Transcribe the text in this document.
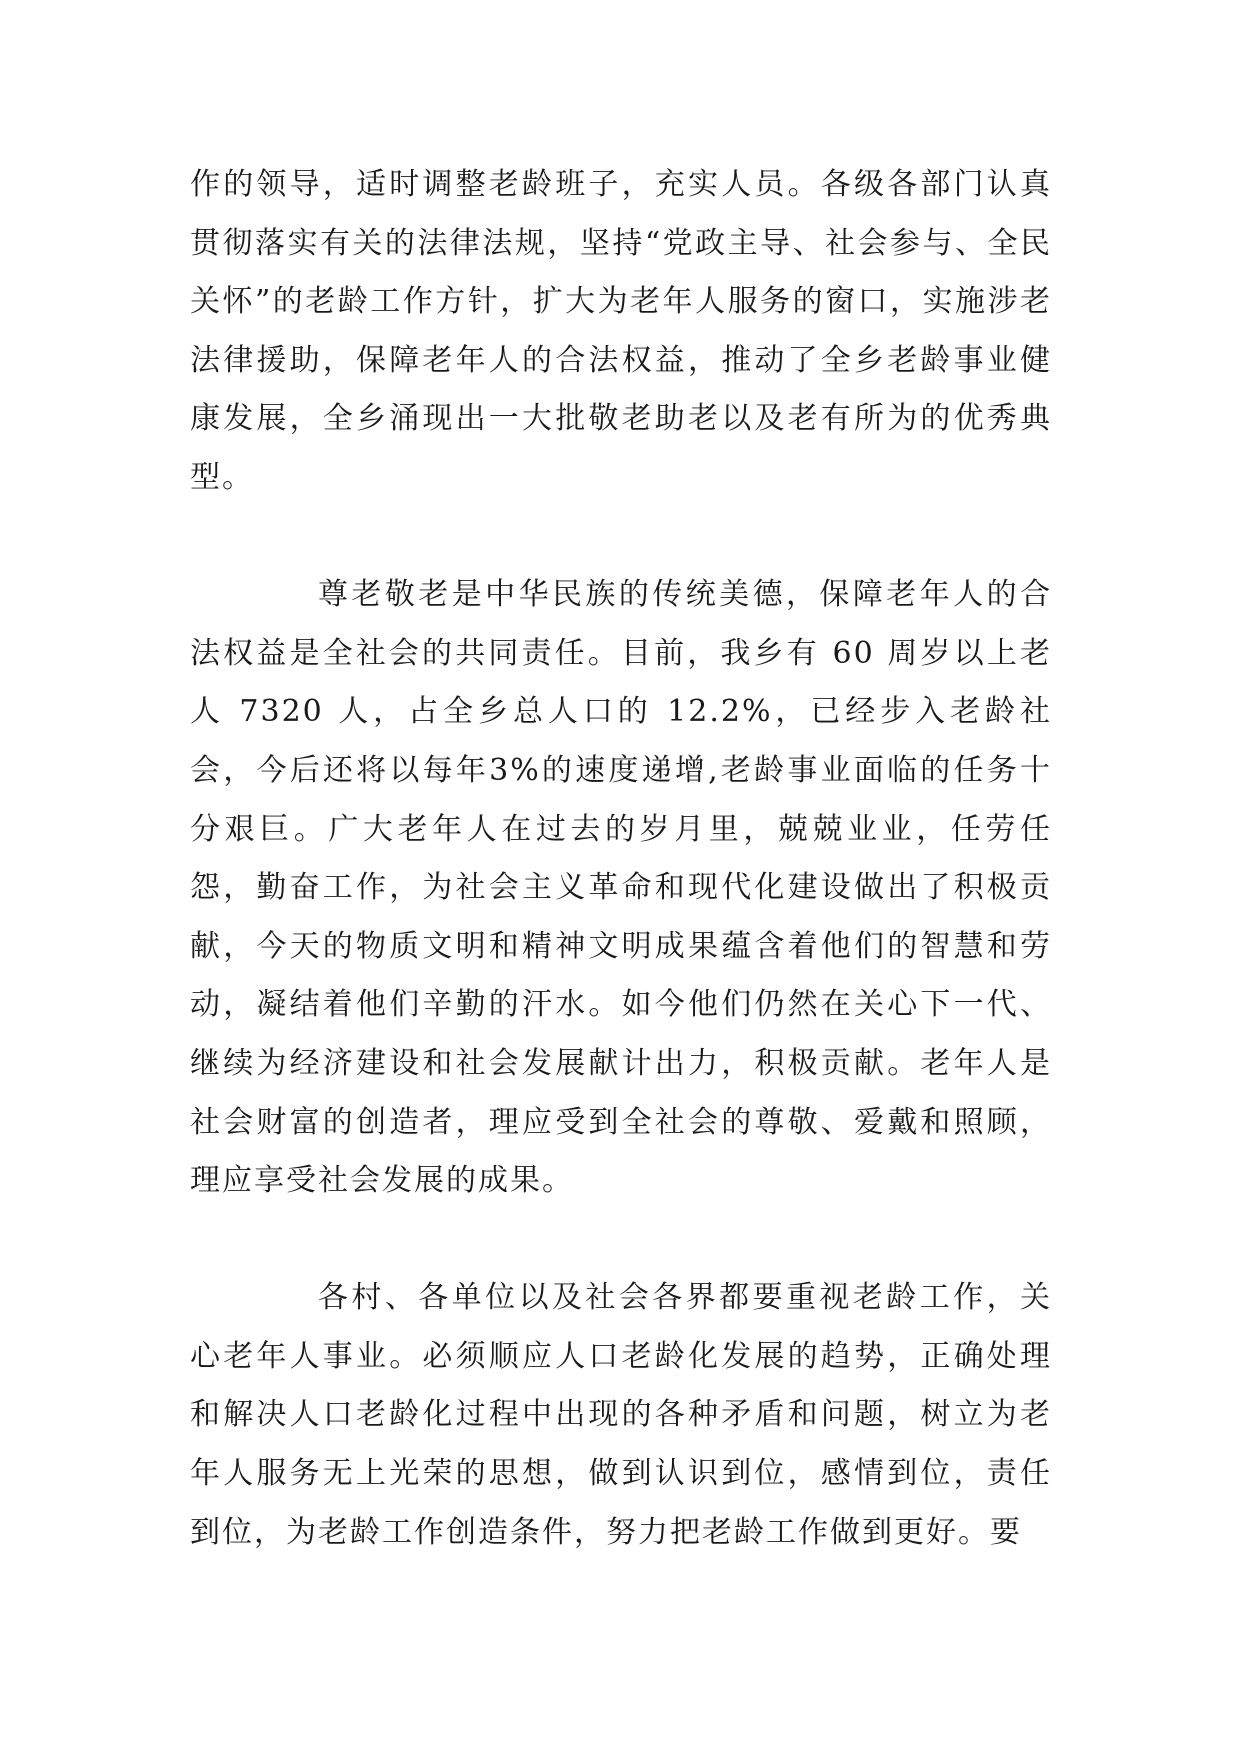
作的领导，适时调整老龄班子，充实人员。各级各部门认真贯彻落实有关的法律法规，坚持“党政主导、社会参与、全民关怀”的老龄工作方针，扩大为老年人服务的窗口，实施涉老法律援助，保障老年人的合法权益，推动了全乡老龄事业健康发展，全乡涌现出一大批敬老助老以及老有所为的优秀典型。

尊老敬老是中华民族的传统美德，保障老年人的合法权益是全社会的共同责任。目前，我乡有 60 周岁以上老人 7320 人，占全乡总人口的 12.2%，已经步入老龄社会，今后还将以每年3%的速度递增,老龄事业面临的任务十分艰巨。广大老年人在过去的岁月里，兢兢业业，任劳任怨，勤奋工作，为社会主义革命和现代化建设做出了积极贡献，今天的物质文明和精神文明成果蕴含着他们的智慧和劳动，凝结着他们辛勤的汗水。如今他们仍然在关心下一代、继续为经济建设和社会发展献计出力，积极贡献。老年人是社会财富的创造者，理应受到全社会的尊敬、爱戴和照顾，理应享受社会发展的成果。

各村、各单位以及社会各界都要重视老龄工作，关心老年人事业。必须顺应人口老龄化发展的趋势，正确处理和解决人口老龄化过程中出现的各种矛盾和问题，树立为老年人服务无上光荣的思想，做到认识到位，感情到位，责任到位，为老龄工作创造条件，努力把老龄工作做到更好。要
